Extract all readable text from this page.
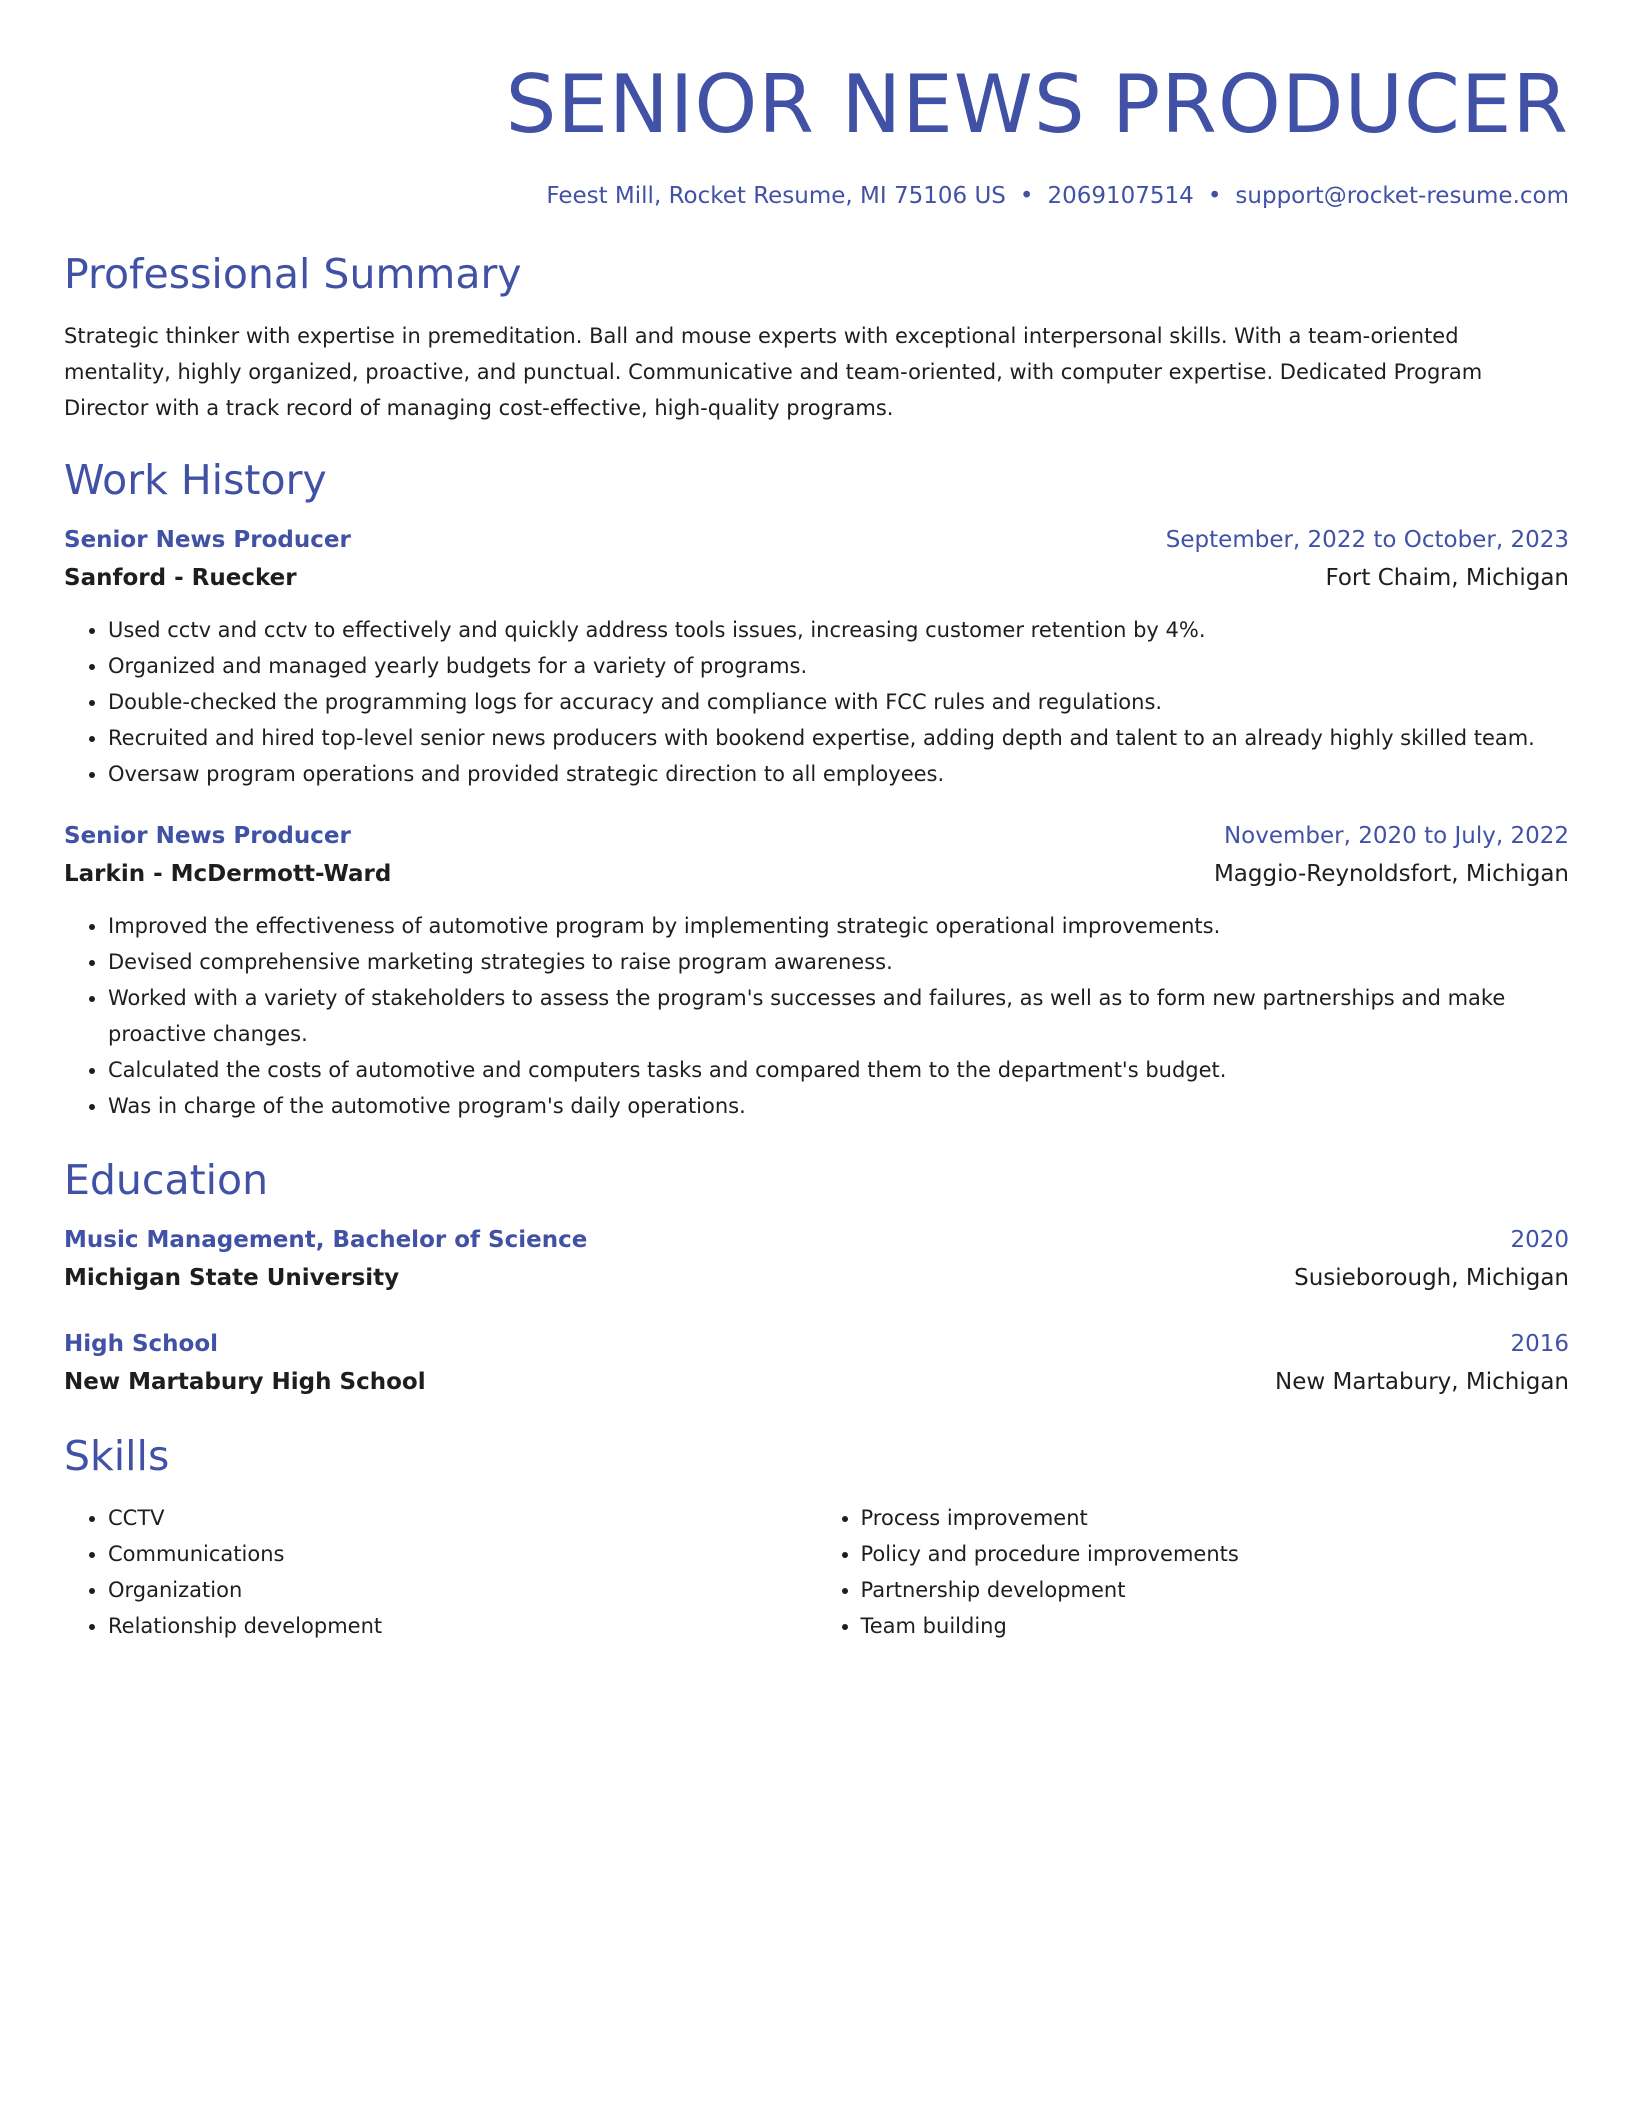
SENIOR NEWS PRODUCER
Feest Mill, Rocket Resume, MI 75106 US • 2069107514 • support@rocket-resume.com
Professional Summary
Strategic thinker with expertise in premeditation. Ball and mouse experts with exceptional interpersonal skills. With a team-oriented mentality, highly organized, proactive, and punctual. Communicative and team-oriented, with computer expertise. Dedicated Program Director with a track record of managing cost-effective, high-quality programs.
Work History
Senior News Producer	September, 2022 to October, 2023
Sanford - Ruecker	Fort Chaim, Michigan
• Used cctv and cctv to effectively and quickly address tools issues, increasing customer retention by 4%.
• Organized and managed yearly budgets for a variety of programs.
• Double-checked the programming logs for accuracy and compliance with FCC rules and regulations.
• Recruited and hired top-level senior news producers with bookend expertise, adding depth and talent to an already highly skilled team.
• Oversaw program operations and provided strategic direction to all employees.
Senior News Producer	November, 2020 to July, 2022
Larkin - McDermott-Ward	Maggio-Reynoldsfort, Michigan
• Improved the effectiveness of automotive program by implementing strategic operational improvements.
• Devised comprehensive marketing strategies to raise program awareness.
• Worked with a variety of stakeholders to assess the program's successes and failures, as well as to form new partnerships and make proactive changes.
• Calculated the costs of automotive and computers tasks and compared them to the department's budget.
• Was in charge of the automotive program's daily operations.
Education
Music Management, Bachelor of Science	2020
Michigan State University	Susieborough, Michigan
High School	2016
New Martabury High School	New Martabury, Michigan
Skills
• CCTV
• Communications
• Organization
• Relationship development
• Process improvement
• Policy and procedure improvements
• Partnership development
• Team building
